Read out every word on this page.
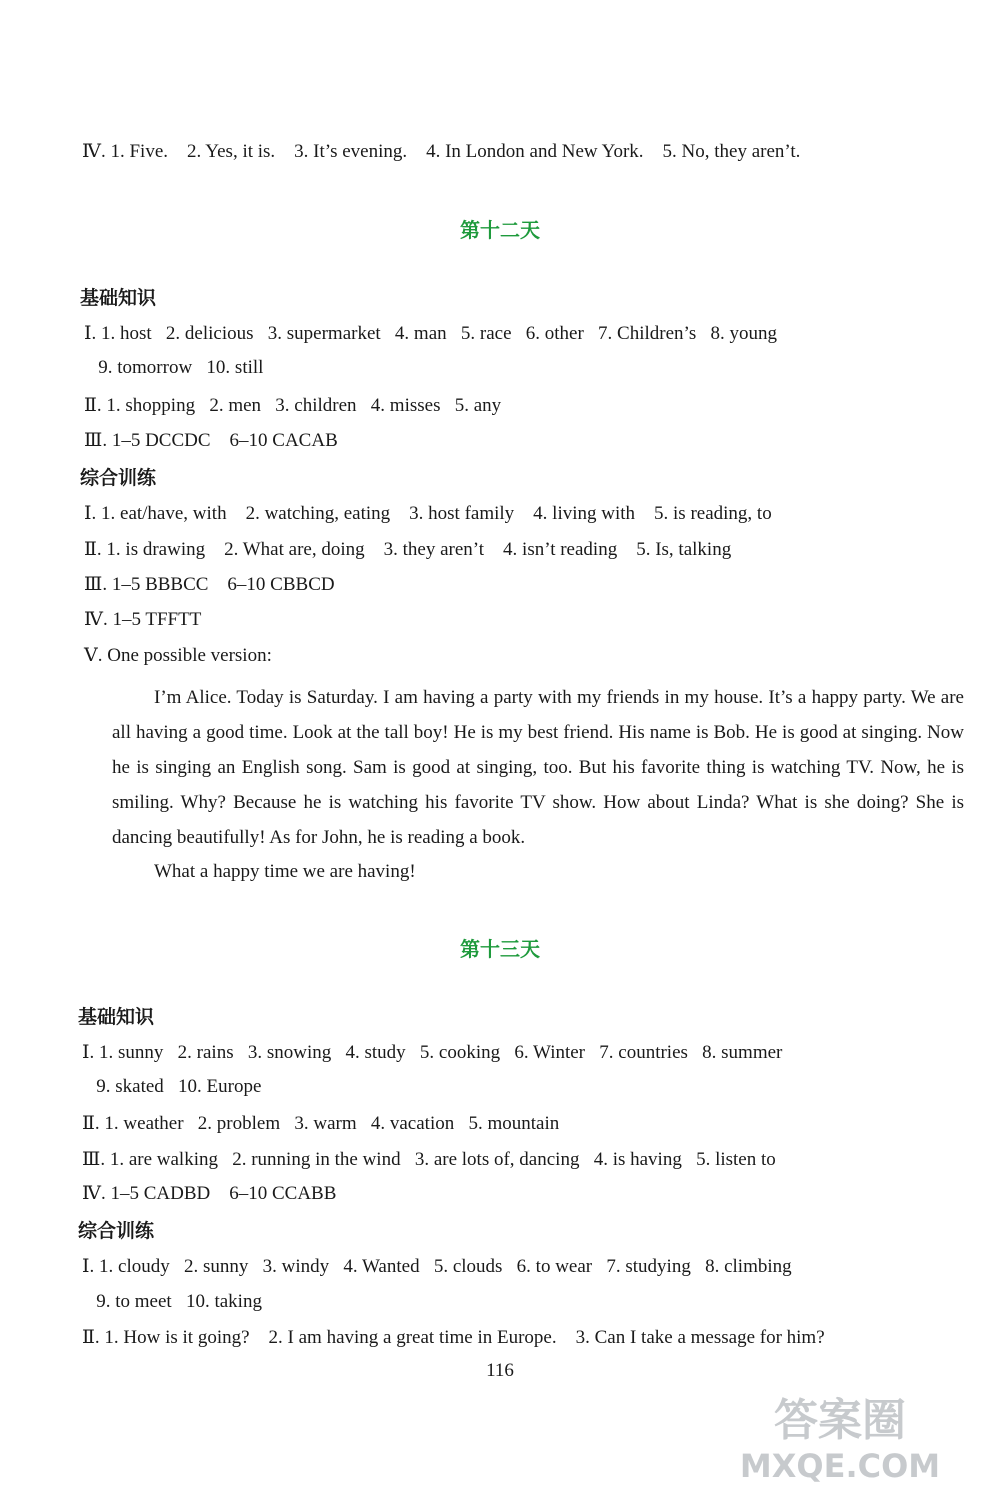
Ⅳ. 1. Five.    2. Yes, it is.    3. It’s evening.    4. In London and New York.    5. No, they aren’t.
第十二天
基础知识
Ⅰ. 1. host   2. delicious   3. supermarket   4. man   5. race   6. other   7. Children’s   8. young
9. tomorrow   10. still
Ⅱ. 1. shopping   2. men   3. children   4. misses   5. any
Ⅲ. 1–5 DCCDC    6–10 CACAB
综合训练
Ⅰ. 1. eat/have, with    2. watching, eating    3. host family    4. living with    5. is reading, to
Ⅱ. 1. is drawing    2. What are, doing    3. they aren’t    4. isn’t reading    5. Is, talking
Ⅲ. 1–5 BBBCC    6–10 CBBCD
Ⅳ. 1–5 TFFTT
Ⅴ. One possible version:

I’m Alice. Today is Saturday. I am having a party with my friends in my house. It’s a happy party. We are all having a good time. Look at the tall boy! He is my best friend. His name is Bob. He is good at singing. Now he is singing an English song. Sam is good at singing, too. But his favorite thing is watching TV. Now, he is smiling. Why? Because he is watching his favorite TV show. How about Linda? What is she doing? She is dancing beautifully! As for John, he is reading a book.

What a happy time we are having!
第十三天
基础知识
Ⅰ. 1. sunny   2. rains   3. snowing   4. study   5. cooking   6. Winter   7. countries   8. summer
9. skated   10. Europe
Ⅱ. 1. weather   2. problem   3. warm   4. vacation   5. mountain
Ⅲ. 1. are walking   2. running in the wind   3. are lots of, dancing   4. is having   5. listen to
Ⅳ. 1–5 CADBD    6–10 CCABB
综合训练
Ⅰ. 1. cloudy   2. sunny   3. windy   4. Wanted   5. clouds   6. to wear   7. studying   8. climbing
9. to meet   10. taking
Ⅱ. 1. How is it going?    2. I am having a great time in Europe.    3. Can I take a message for him?
116
答案圈
MXQE.COM
